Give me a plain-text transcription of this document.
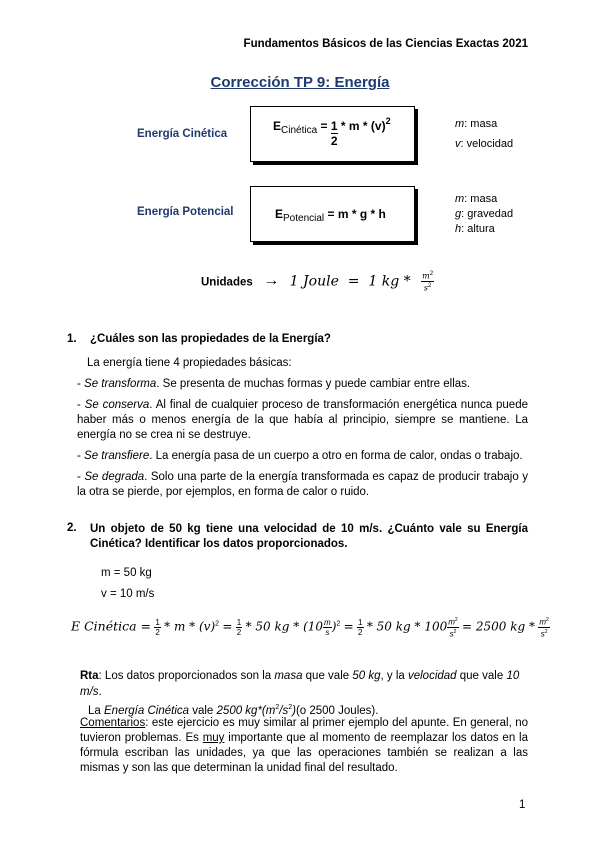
Fundamentos Básicos de las Ciencias Exactas 2021
Corrección TP 9: Energía
Energía Cinética
$E_{Cinética} = \frac{1}{2} * m * (v)^2$	m: masa
v: velocidad
Energía Potencial	$E_{Potencial} = m * g * h$
m: masa
g: gravedad
h: altura
Unidades → 1 Joule  =  1 kg * $\frac{m^2}{s^2}$
1. ¿Cuáles son las propiedades de la Energía?
La energía tiene 4 propiedades básicas:
- Se transforma. Se presenta de muchas formas y puede cambiar entre ellas.
- Se conserva. Al final de cualquier proceso de transformación energética nunca puede haber más o menos energía de la que había al principio, siempre se mantiene. La energía no se crea ni se destruye.
- Se transfiere. La energía pasa de un cuerpo a otro en forma de calor, ondas o trabajo.
- Se degrada. Solo una parte de la energía transformada es capaz de producir trabajo y la otra se pierde, por ejemplos, en forma de calor o ruido.
2. Un objeto de 50 kg tiene una velocidad de 10 m/s. ¿Cuánto vale su Energía Cinética? Identificar los datos proporcionados.
m = 50 kg
v = 10 m/s
E Cinética = $\frac{1}{2} * m * (v)^2 = \frac{1}{2} * 50$ kg * $(10 \frac{m}{s} )^2 = \frac{1}{2} * 50$ kg * $100 \frac{m^2}{s^2} = 2500$ kg * $\frac{m^2}{s^2}$
Rta: Los datos proporcionados son la masa que vale 50 kg, y la velocidad que vale 10 m/s.
La Energía Cinética vale 2500 $kg*(m^2/s^2)(o$ 2500 Joules).
Comentarios: este ejercicio es muy similar al primer ejemplo del apunte. En general, no tuvieron problemas. Es muy importante que al momento de reemplazar los datos en la fórmula escriban las unidades, ya que las operaciones también se realizan a las mismas y son las que determinan la unidad final del resultado.
1
